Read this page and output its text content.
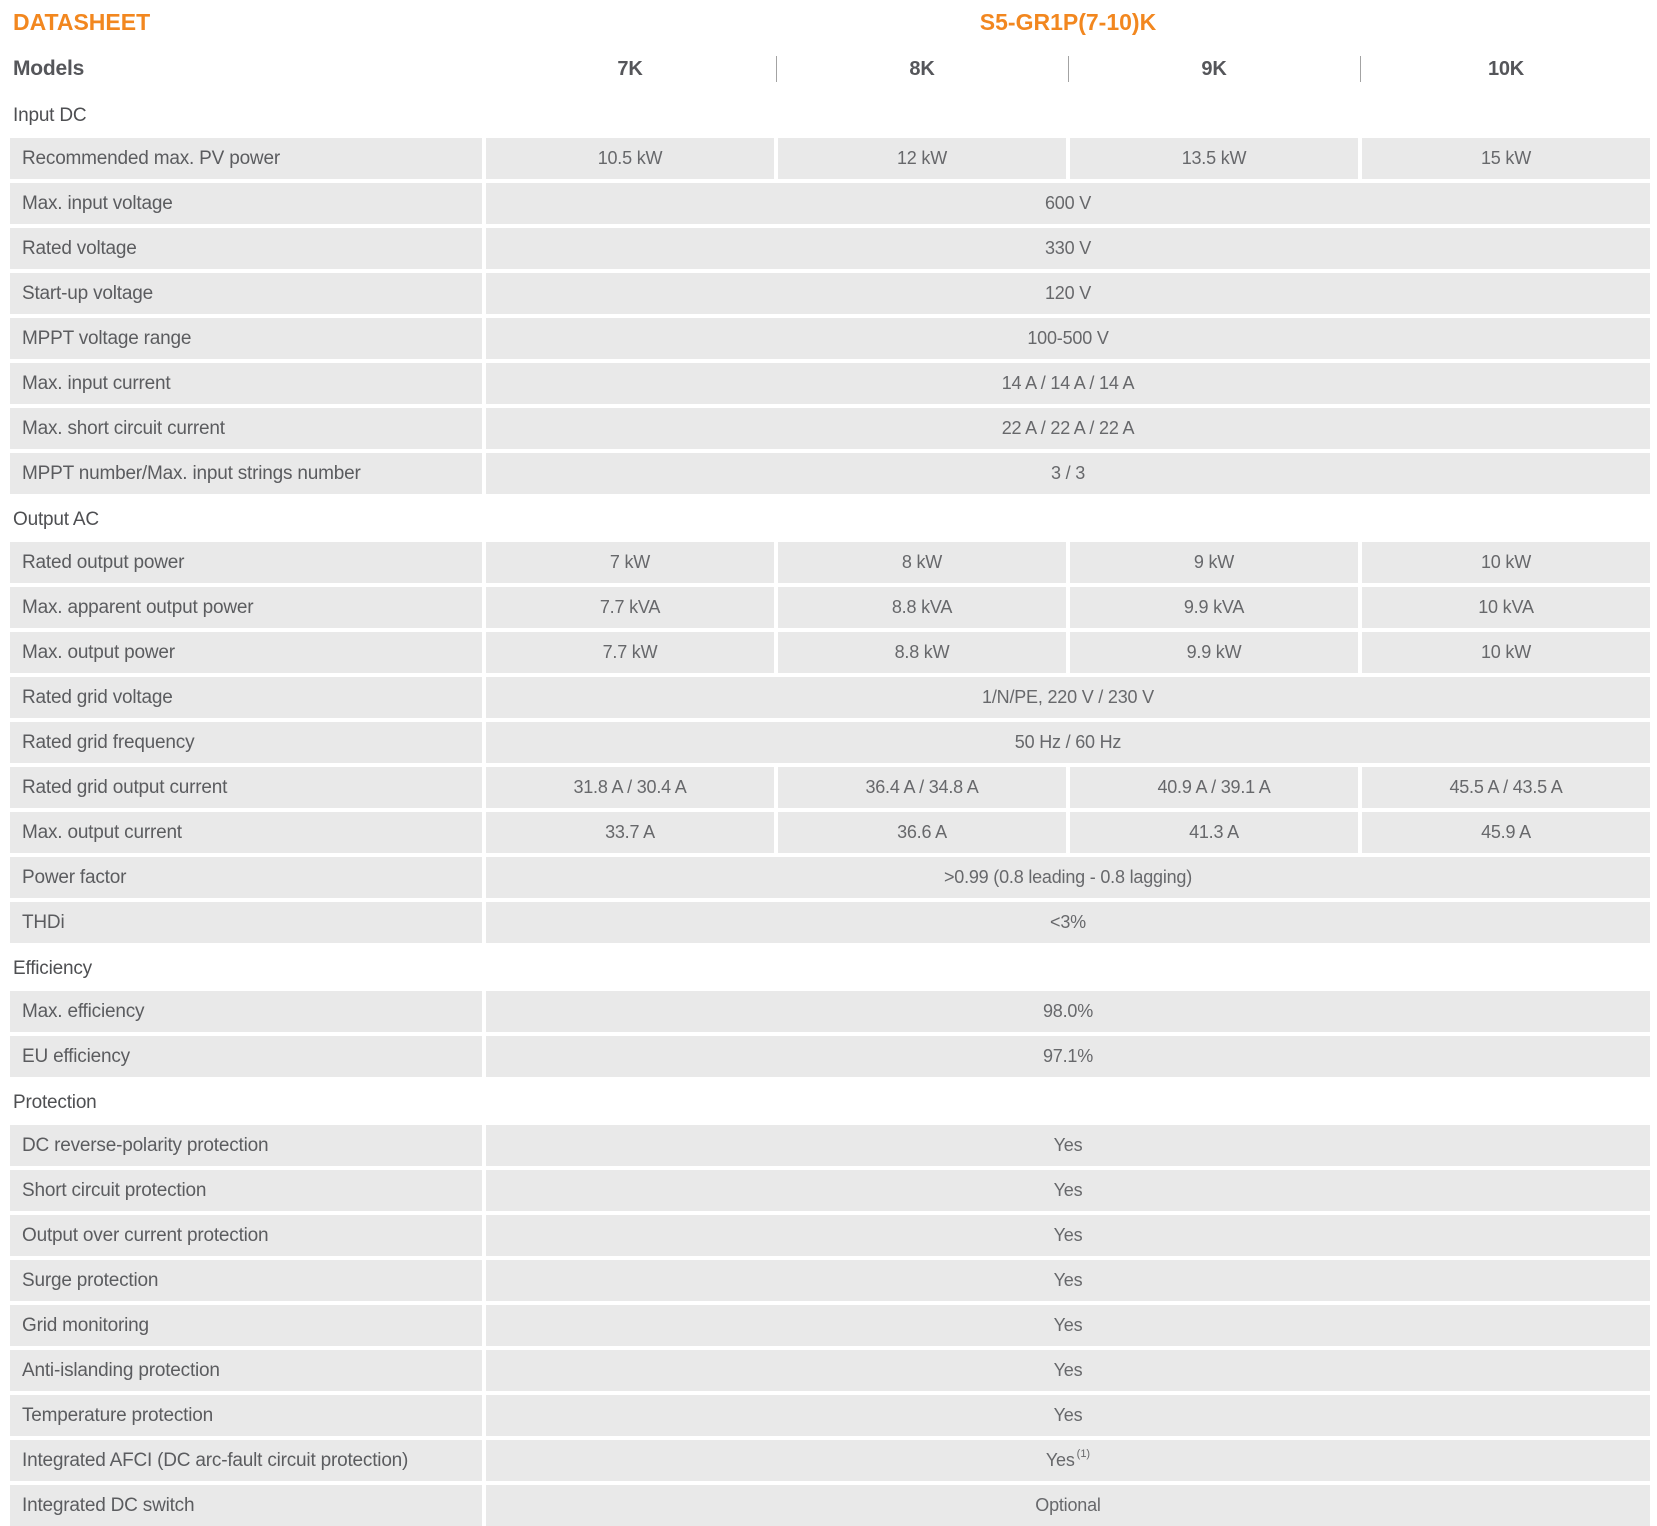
DATASHEET	S5-GR1P(7-10)K
Models	7K	8K	9K	10K
Input DC
Recommended max. PV power	10.5 kW	12 kW	13.5 kW	15 kW
Max. input voltage	600 V
Rated voltage	330 V
Start-up voltage	120 V
MPPT voltage range	100-500 V
Max. input current	14 A / 14 A / 14 A
Max. short circuit current	22 A / 22 A / 22 A
MPPT number/Max. input strings number	3 / 3
Output AC
Rated output power	7 kW	8 kW	9 kW	10 kW
Max. apparent output power	7.7 kVA	8.8 kVA	9.9 kVA	10 kVA
Max. output power	7.7 kW	8.8 kW	9.9 kW	10 kW
Rated grid voltage	1/N/PE, 220 V / 230 V
Rated grid frequency	50 Hz / 60 Hz
Rated grid output current	31.8 A / 30.4 A	36.4 A / 34.8 A	40.9 A / 39.1 A	45.5 A / 43.5 A
Max. output current	33.7 A	36.6 A	41.3 A	45.9 A
Power factor	>0.99 (0.8 leading - 0.8 lagging)
THDi	<3%
Efficiency
Max. efficiency	98.0%
EU efficiency	97.1%
Protection
DC reverse-polarity protection	Yes
Short circuit protection	Yes
Output over current protection	Yes
Surge protection	Yes
Grid monitoring	Yes
Anti-islanding protection	Yes
Temperature protection	Yes
Integrated AFCI (DC arc-fault circuit protection)	Yes$^{(1)}$
Integrated DC switch	Optional
